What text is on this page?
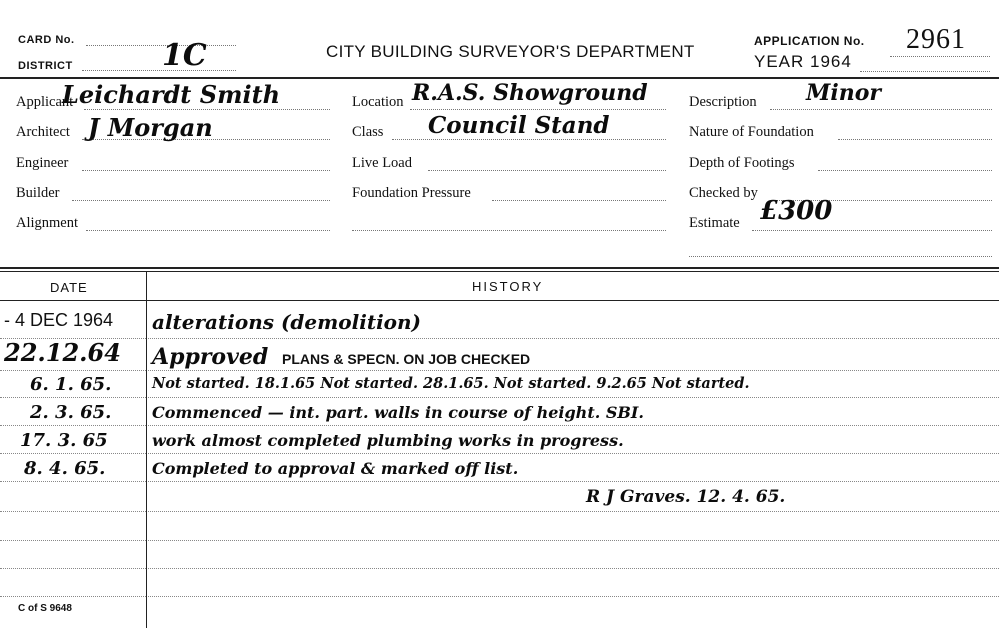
CARD No.
DISTRICT	1C	CITY BUILDING SURVEYOR'S DEPARTMENT
APPLICATION No. 2961
YEAR 1964
Applicant
Leichardt Smith
Architect J Morgan
Engineer
Builder
Alignment
Location R.A.S. Showground
Class Council Stand
Live Load
Foundation Pressure
Description Minor
Nature of Foundation
Depth of Footings
Checked by
Estimate £300
DATE	HISTORY
- 4 DEC 1964	alterations (demolition)
22.12.64	Approved PLANS & SPECN. ON JOB CHECKED
6. 1. 65.	Not started. 18.1.65 Not started. 28.1.65. Not started. 9.2.65 Not started.
2. 3. 65.	Commenced — int. part. walls in course of height. SBI.
17. 3. 65	work almost completed plumbing works in progress.
8. 4. 65.	Completed to approval & marked off list.
R J Graves. 12. 4. 65.
C of S 9648
